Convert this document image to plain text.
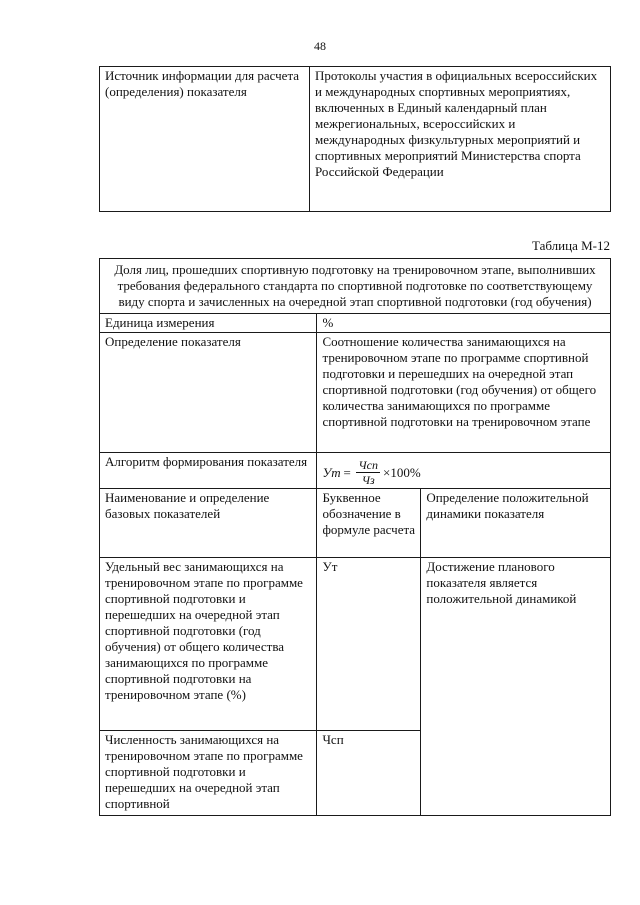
48
Источник информации для расчета (определения) показателя	Протоколы участия в официальных всероссийских и международных спортивных мероприятиях, включенных в Единый календарный план межрегиональных, всероссийских и международных физкультурных мероприятий и спортивных мероприятий Министерства спорта Российской Федерации
Таблица М-12
Доля лиц, прошедших спортивную подготовку на тренировочном этапе, выполнивших требования федерального стандарта по спортивной подготовке по соответствующему виду спорта и зачисленных на очередной этап спортивной подготовки (год обучения)		
Единица измерения	%	
Определение показателя	Соотношение количества занимающихся на тренировочном этапе по программе спортивной подготовки и перешедших на очередной этап спортивной подготовки (год обучения) от общего количества занимающихся по программе спортивной подготовки на тренировочном этапе	
Алгоритм формирования показателя	Ут = $\frac{\text{Чсп}}{Чз} \times 100\%$	

Наименование и определение базовых показателей	Буквенное обозначение в формуле расчета	Определение положительной динамики показателя
Удельный вес занимающихся на тренировочном этапе по программе спортивной подготовки и перешедших на очередной этап спортивной подготовки (год обучения) от общего количества занимающихся по программе спортивной подготовки на тренировочном этапе (%)	Ут	Достижение планового показателя является положительной динамикой
Численность занимающихся на тренировочном этапе по программе спортивной подготовки и перешедших на очередной этап спортивной	Чсп	
